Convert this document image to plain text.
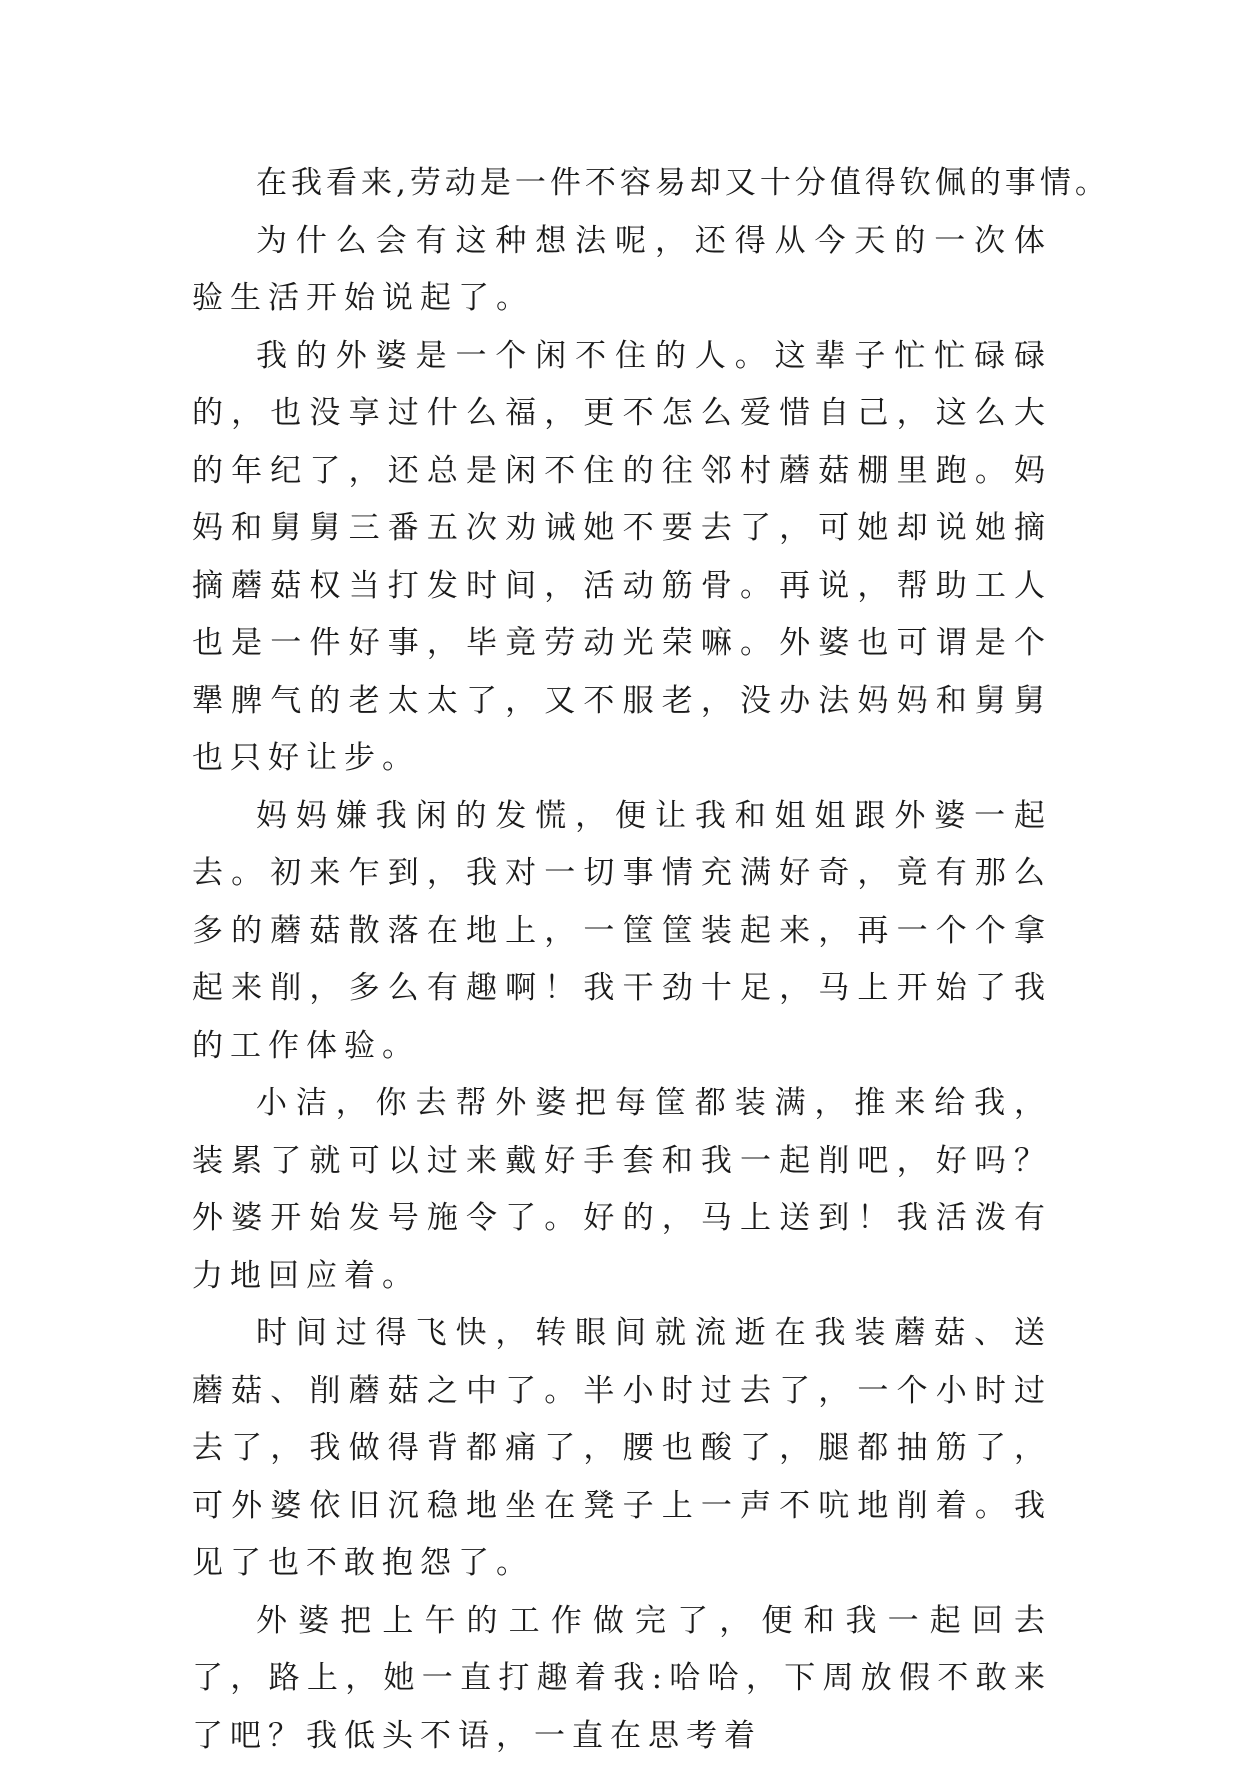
在我看来,劳动是一件不容易却又十分值得钦佩的事情。

为什么会有这种想法呢，还得从今天的一次体验生活开始说起了。

我的外婆是一个闲不住的人。这辈子忙忙碌碌的，也没享过什么福，更不怎么爱惜自己，这么大的年纪了，还总是闲不住的往邻村蘑菇棚里跑。妈妈和舅舅三番五次劝诫她不要去了，可她却说她摘摘蘑菇权当打发时间，活动筋骨。再说，帮助工人也是一件好事，毕竟劳动光荣嘛。外婆也可谓是个犟脾气的老太太了，又不服老，没办法妈妈和舅舅也只好让步。

妈妈嫌我闲的发慌，便让我和姐姐跟外婆一起去。初来乍到，我对一切事情充满好奇，竟有那么多的蘑菇散落在地上，一筐筐装起来，再一个个拿起来削，多么有趣啊！我干劲十足，马上开始了我的工作体验。

小洁，你去帮外婆把每筐都装满，推来给我，装累了就可以过来戴好手套和我一起削吧，好吗？外婆开始发号施令了。好的，马上送到！我活泼有力地回应着。

时间过得飞快，转眼间就流逝在我装蘑菇、送蘑菇、削蘑菇之中了。半小时过去了，一个小时过去了，我做得背都痛了，腰也酸了，腿都抽筋了，可外婆依旧沉稳地坐在凳子上一声不吭地削着。我见了也不敢抱怨了。

外婆把上午的工作做完了，便和我一起回去了，路上，她一直打趣着我:哈哈，下周放假不敢来了吧？我低头不语，一直在思考着
